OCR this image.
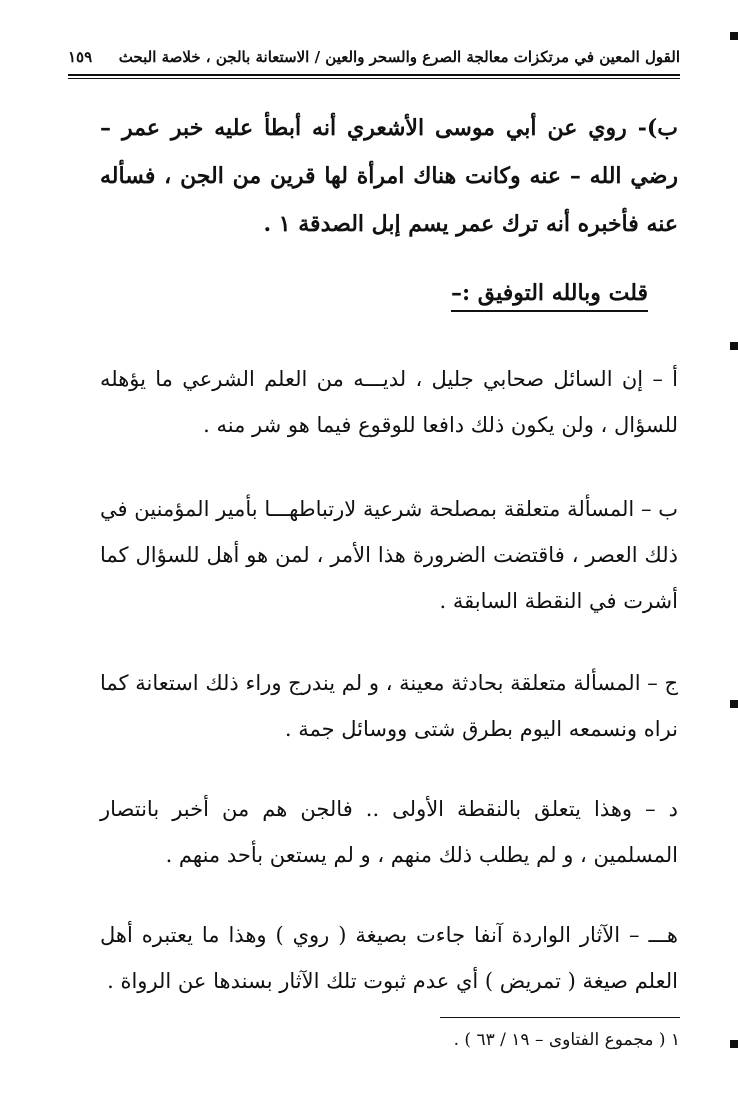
القول المعين في مرتكزات معالجة الصرع والسحر والعين / الاستعانة بالجن ، خلاصة البحث
١٥٩
ب)- روي عن أبي موسى الأشعري أنه أبطأ عليه خبر عمر – رضي الله – عنه وكانت هناك امرأة لها قرين من الجن ، فسأله عنه فأخبره أنه ترك عمر يسم إبل الصدقة ١ .
قلت وبالله التوفيق :–
أ – إن السائل صحابي جليل ، لديـــه من العلم الشرعي ما يؤهله للسؤال ، ولن يكون ذلك دافعا للوقوع فيما هو شر منه .
ب – المسألة متعلقة بمصلحة شرعية لارتباطهـــا بأمير المؤمنين في ذلك العصر ، فاقتضت الضرورة هذا الأمر ، لمن هو أهل للسؤال كما أشرت في النقطة السابقة .
ج – المسألة متعلقة بحادثة معينة ، و لم يندرج وراء ذلك استعانة كما نراه ونسمعه اليوم بطرق شتى ووسائل جمة .
د – وهذا يتعلق بالنقطة الأولى .. فالجن هم من أخبر بانتصار المسلمين ، و لم يطلب ذلك منهم ، و لم يستعن بأحد منهم .
هـــ – الآثار الواردة آنفا جاءت بصيغة ( روي ) وهذا ما يعتبره أهل العلم صيغة ( تمريض ) أي عدم ثبوت تلك الآثار بسندها عن الرواة .
١ ( مجموع الفتاوى – ١٩ / ٦٣ ) .
